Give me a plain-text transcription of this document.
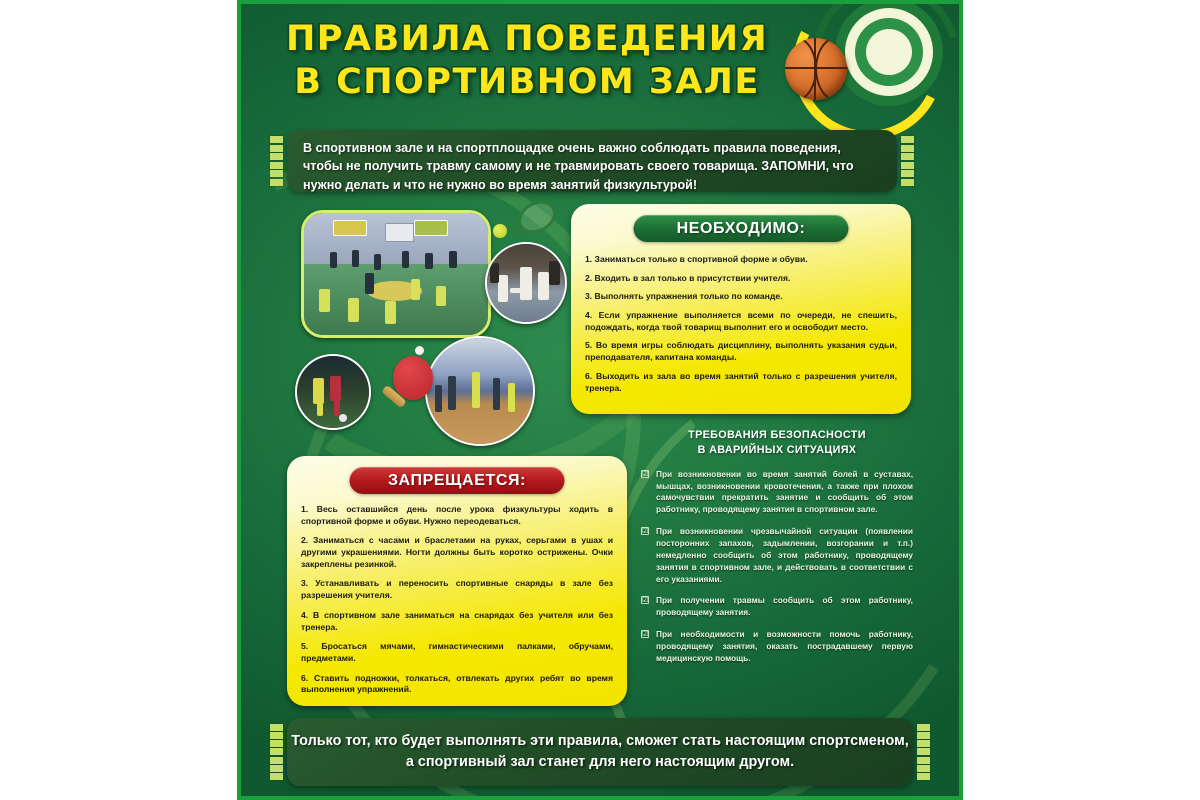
ПРАВИЛА ПОВЕДЕНИЯ
В СПОРТИВНОМ ЗАЛЕ

В спортивном зале и на спортплощадке очень важно соблюдать правила поведения, чтобы не получить травму самому и не травмировать своего товарища. ЗАПОМНИ, что нужно делать и что не нужно во время занятий физкультурой!

НЕОБХОДИМО:
1. Заниматься только в спортивной форме и обуви.
2. Входить в зал только в присутствии учителя.
3. Выполнять упражнения только по команде.
4. Если упражнение выполняется всеми по очереди, не спешить, подождать, когда твой товарищ выполнит его и освободит место.
5. Во время игры соблюдать дисциплину, выполнять указания судьи, преподавателя, капитана команды.
6. Выходить из зала во время занятий только с разрешения учителя, тренера.
ЗАПРЕЩАЕТСЯ:
1. Весь оставшийся день после урока физкультуры ходить в спортивной форме и обуви. Нужно переодеваться.
2. Заниматься с часами и браслетами на руках, серьгами в ушах и другими украшениями. Ногти должны быть коротко острижены. Очки закреплены резинкой.
3. Устанавливать и переносить спортивные снаряды в зале без разрешения учителя.
4. В спортивном зале заниматься на снарядах без учителя или без тренера.
5. Бросаться мячами, гимнастическими палками, обручами, предметами.
6. Ставить подножки, толкаться, отвлекать других ребят во время выполнения упражнений.
ТРЕБОВАНИЯ БЕЗОПАСНОСТИ
В АВАРИЙНЫХ СИТУАЦИЯХ
☑ При возникновении во время занятий болей в суставах, мышцах, возникновении кровотечения, а также при плохом самочувствии прекратить занятие и сообщить об этом работнику, проводящему занятия в спортивном зале.
☑ При возникновении чрезвычайной ситуации (появлении посторонних запахов, задымлении, возгорании и т.п.) немедленно сообщить об этом работнику, проводящему занятия в спортивном зале, и действовать в соответствии с его указаниями.
☑ При получении травмы сообщить об этом работнику, проводящему занятия.
☑ При необходимости и возможности помочь работнику, проводящему занятия, оказать пострадавшему первую медицинскую помощь.

Только тот, кто будет выполнять эти правила, сможет стать настоящим спортсменом, а спортивный зал станет для него настоящим другом.
